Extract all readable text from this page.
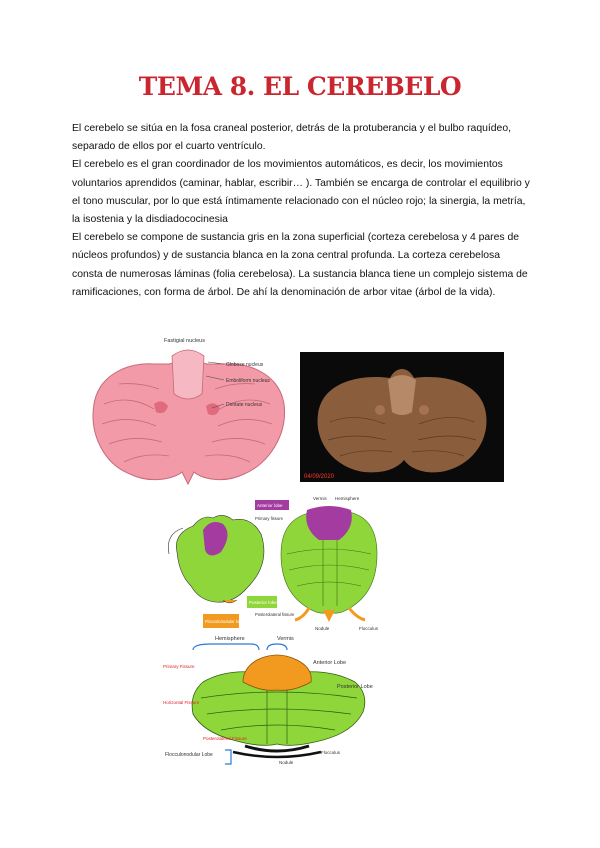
TEMA 8. EL CEREBELO

El cerebelo se sitúa en la fosa craneal posterior, detrás de la protuberancia y el bulbo raquídeo, separado de ellos por el cuarto ventrículo.

El cerebelo es el gran coordinador de los movimientos automáticos, es decir, los movimientos voluntarios aprendidos (caminar, hablar, escribir… ). También se encarga de controlar el equilibrio y el tono muscular, por lo que está íntimamente relacionado con el núcleo rojo; la sinergia, la metría, la isostenia y la disdiadococinesia

El cerebelo se compone de sustancia gris en la zona superficial (corteza cerebelosa y 4 pares de núcleos profundos) y de sustancia blanca en la zona central profunda. La corteza cerebelosa consta de numerosas láminas (folia cerebelosa). La sustancia blanca tiene un complejo sistema de ramificaciones, con forma de árbol. De ahí la denominación de arbor vitae (árbol de la vida).

Fastigial nucleus
Globose nucleus
Emboliform nucleus
Dentate nucleus
04/09/2020
Anterior lobe
Posterior lobe
Flocculonodular lobe
Primary fissure
Posterolateral fissure
Vermis Hemisphere
Nodule	Flocculus
Hemisphere	Vermis
Anterior Lobe
Posterior Lobe
Primary Fissure
Horizontal Fissure
Posterolateral Fissure
Flocculonodular Lobe
Nodule
Flocculus
